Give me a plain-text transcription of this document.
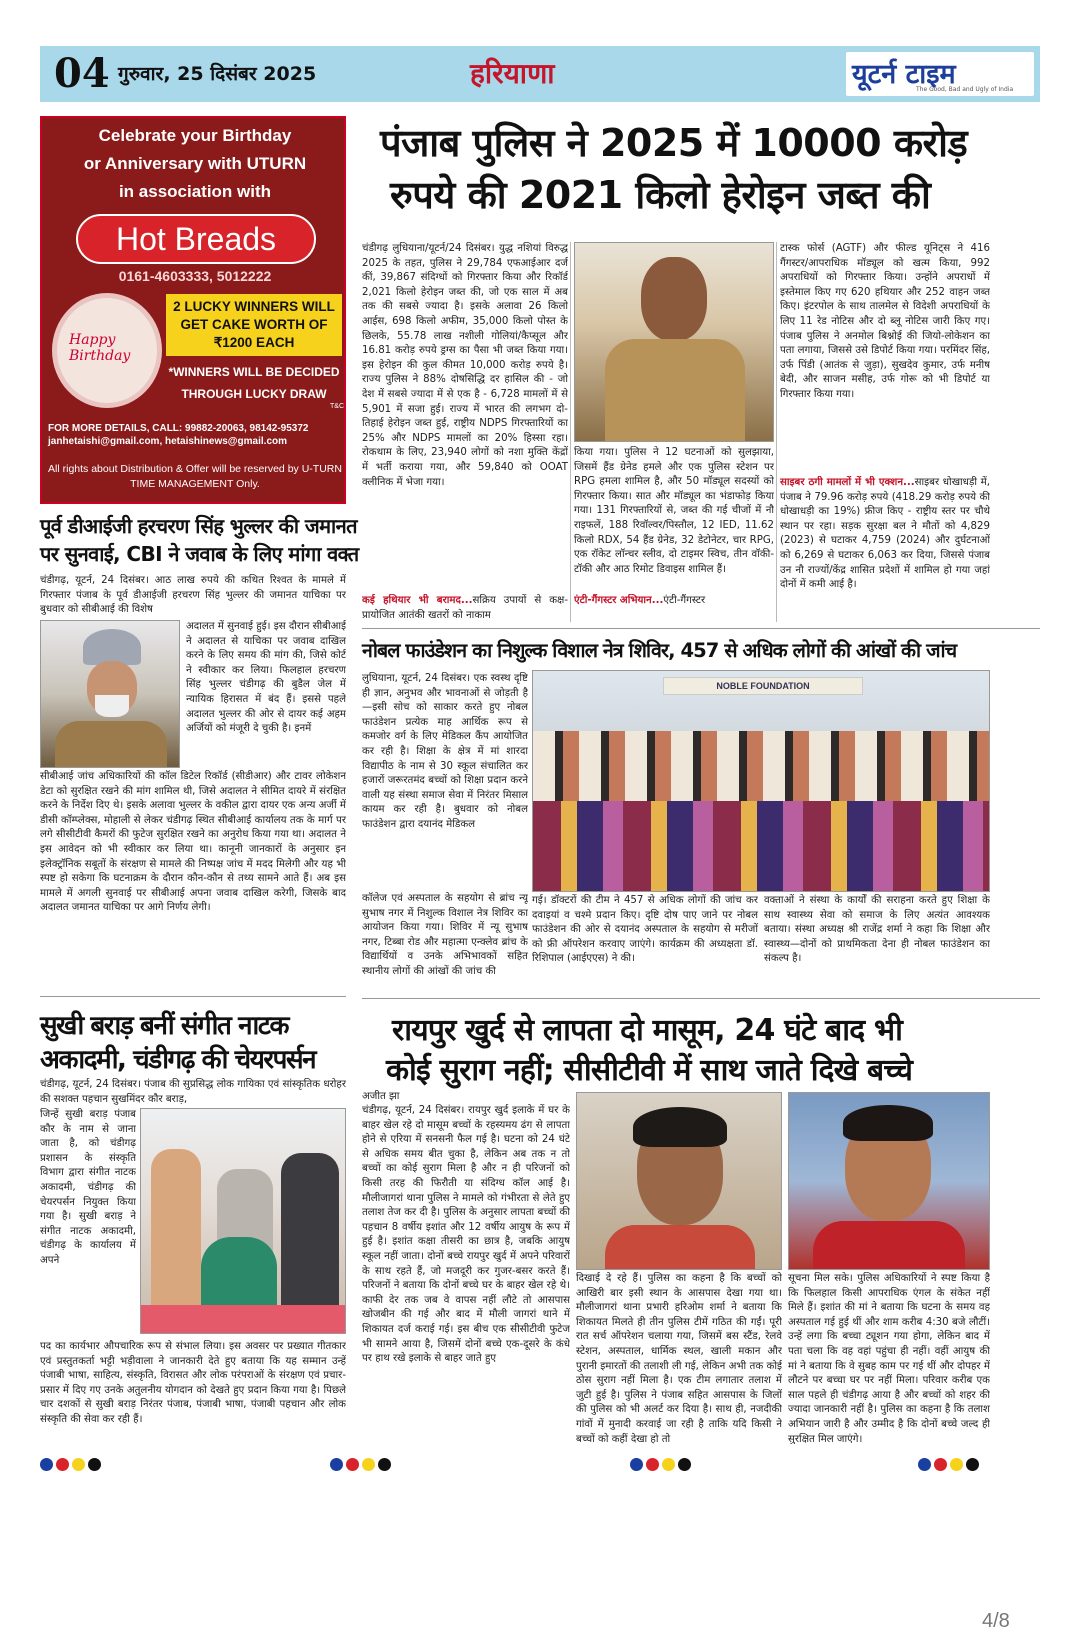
04 गुरुवार, 25 दिसंबर 2025	हरियाणा	यूटर्न टाइम
The Good, Bad and Ugly of India
Celebrate your Birthday
or Anniversary with UTURN
in association with
Hot Breads
0161-4603333, 5012222
Happy Birthday
2 LUCKY WINNERS WILL GET CAKE WORTH OF ₹1200 EACH
*WINNERS WILL BE DECIDED THROUGH LUCKY DRAW
T&C
FOR MORE DETAILS, CALL: 99882-20063, 98142-95372
janhetaishi@gmail.com, hetaishinews@gmail.com
All rights about Distribution & Offer will be reserved by U-TURN TIME MANAGEMENT Only.
पंजाब पुलिस ने 2025 में 10000 करोड़
रुपये की 2021 किलो हेरोइन जब्त की
चंडीगढ़ लुधियाना/यूटर्न/24 दिसंबर। युद्ध नशियां विरुद्ध 2025 के तहत, पुलिस ने 29,784 एफआईआर दर्ज कीं, 39,867 संदिग्धों को गिरफ्तार किया और रिकॉर्ड 2,021 किलो हेरोइन जब्त की, जो एक साल में अब तक की सबसे ज्यादा है। इसके अलावा 26 किलो आईस, 698 किलो अफीम, 35,000 किलो पोस्त के छिलके, 55.78 लाख नशीली गोलियां/कैप्सूल और 16.81 करोड़ रुपये ड्रग्स का पैसा भी जब्त किया गया। इस हेरोइन की कुल कीमत 10,000 करोड़ रुपये है। राज्य पुलिस ने 88% दोषसिद्धि दर हासिल की - जो देश में सबसे ज्यादा में से एक है - 6,728 मामलों में से 5,901 में सजा हुई। राज्य में भारत की लगभग दो-तिहाई हेरोइन जब्त हुई, राष्ट्रीय NDPS गिरफ्तारियों का 25% और NDPS मामलों का 20% हिस्सा रहा। रोकथाम के लिए, 23,940 लोगों को नशा मुक्ति केंद्रों में भर्ती कराया गया, और 59,840 को OOAT क्लीनिक में भेजा गया।
कई हथियार भी बरामद...सक्रिय उपायों से कक्ष-प्रायोजित आतंकी खतरों को नाकाम
किया गया। पुलिस ने 12 घटनाओं को सुलझाया, जिसमें हैंड ग्रेनेड हमले और एक पुलिस स्टेशन पर RPG हमला शामिल है, और 50 मॉड्यूल सदस्यों को गिरफ्तार किया। सात और मॉड्यूल का भंडाफोड़ किया गया। 131 गिरफ्तारियों से, जब्त की गई चीजों में नौ राइफलें, 188 रिवॉल्वर/पिस्तौल, 12 IED, 11.62 किलो RDX, 54 हैंड ग्रेनेड, 32 डेटोनेटर, चार RPG, एक रॉकेट लॉन्चर स्लीव, दो टाइमर स्विच, तीन वॉकी-टॉकी और आठ रिमोट डिवाइस शामिल हैं।
एंटी-गैंगस्टर अभियान...एंटी-गैंगस्टर
टास्क फोर्स (AGTF) और फील्ड यूनिट्स ने 416 गैंगस्टर/आपराधिक मॉड्यूल को खत्म किया, 992 अपराधियों को गिरफ्तार किया। उन्होंने अपराधों में इस्तेमाल किए गए 620 हथियार और 252 वाहन जब्त किए। इंटरपोल के साथ तालमेल से विदेशी अपराधियों के लिए 11 रेड नोटिस और दो ब्लू नोटिस जारी किए गए। पंजाब पुलिस ने अनमोल बिश्नोई की जियो-लोकेशन का पता लगाया, जिससे उसे डिपोर्ट किया गया। परमिंदर सिंह, उर्फ पिंडी (आतंक से जुड़ा), सुखदेव कुमार, उर्फ मनीष बेदी, और साजन मसीह, उर्फ गोरू को भी डिपोर्ट या गिरफ्तार किया गया।
साइबर ठगी मामलों में भी एक्शन...साइबर धोखाधड़ी में, पंजाब ने 79.96 करोड़ रुपये (418.29 करोड़ रुपये की धोखाधड़ी का 19%) फ्रीज किए - राष्ट्रीय स्तर पर चौथे स्थान पर रहा। सड़क सुरक्षा बल ने मौतों को 4,829 (2023) से घटाकर 4,759 (2024) और दुर्घटनाओं को 6,269 से घटाकर 6,063 कर दिया, जिससे पंजाब उन नौ राज्यों/केंद्र शासित प्रदेशों में शामिल हो गया जहां दोनों में कमी आई है।
पूर्व डीआईजी हरचरण सिंह भुल्लर की जमानत
पर सुनवाई, CBI ने जवाब के लिए मांगा वक्त
चंडीगढ़, यूटर्न, 24 दिसंबर। आठ लाख रुपये की कथित रिश्वत के मामले में गिरफ्तार पंजाब के पूर्व डीआईजी हरचरण सिंह भुल्लर की जमानत याचिका पर बुधवार को सीबीआई की विशेष
अदालत में सुनवाई हुई। इस दौरान सीबीआई ने अदालत से याचिका पर जवाब दाखिल करने के लिए समय की मांग की, जिसे कोर्ट ने स्वीकार कर लिया। फिलहाल हरचरण सिंह भुल्लर चंडीगढ़ की बुडैल जेल में न्यायिक हिरासत में बंद हैं। इससे पहले अदालत भुल्लर की ओर से दायर कई अहम अर्जियों को मंजूरी दे चुकी है। इनमें
सीबीआई जांच अधिकारियों की कॉल डिटेल रिकॉर्ड (सीडीआर) और टावर लोकेशन डेटा को सुरक्षित रखने की मांग शामिल थी, जिसे अदालत ने सीमित दायरे में संरक्षित करने के निर्देश दिए थे। इसके अलावा भुल्लर के वकील द्वारा दायर एक अन्य अर्जी में डीसी कॉम्प्लेक्स, मोहाली से लेकर चंडीगढ़ स्थित सीबीआई कार्यालय तक के मार्ग पर लगे सीसीटीवी कैमरों की फुटेज सुरक्षित रखने का अनुरोध किया गया था। अदालत ने इस आवेदन को भी स्वीकार कर लिया था। कानूनी जानकारों के अनुसार इन इलेक्ट्रॉनिक सबूतों के संरक्षण से मामले की निष्पक्ष जांच में मदद मिलेगी और यह भी स्पष्ट हो सकेगा कि घटनाक्रम के दौरान कौन-कौन से तथ्य सामने आते हैं। अब इस मामले में अगली सुनवाई पर सीबीआई अपना जवाब दाखिल करेगी, जिसके बाद अदालत जमानत याचिका पर आगे निर्णय लेगी।
नोबल फाउंडेशन का निशुल्क विशाल नेत्र शिविर, 457 से अधिक लोगों की आंखों की जांच
लुधियाना, यूटर्न, 24 दिसंबर। एक स्वस्थ दृष्टि ही ज्ञान, अनुभव और भावनाओं से जोड़ती है—इसी सोच को साकार करते हुए नोबल फाउंडेशन प्रत्येक माह आर्थिक रूप से कमजोर वर्ग के लिए मेडिकल कैंप आयोजित कर रही है। शिक्षा के क्षेत्र में मां शारदा विद्यापीठ के नाम से 30 स्कूल संचालित कर हजारों जरूरतमंद बच्चों को शिक्षा प्रदान करने वाली यह संस्था समाज सेवा में निरंतर मिसाल कायम कर रही है। बुधवार को नोबल फाउंडेशन द्वारा दयानंद मेडिकल
NOBLE FOUNDATION
कॉलेज एवं अस्पताल के सहयोग से ब्रांच न्यू सुभाष नगर में निशुल्क विशाल नेत्र शिविर का आयोजन किया गया। शिविर में न्यू सुभाष नगर, टिब्बा रोड और महात्मा एन्क्लेव ब्रांच के विद्यार्थियों व उनके अभिभावकों सहित स्थानीय लोगों की आंखों की जांच की
गई। डॉक्टरों की टीम ने 457 से अधिक लोगों की जांच कर दवाइयां व चश्मे प्रदान किए। दृष्टि दोष पाए जाने पर नोबल फाउंडेशन की ओर से दयानंद अस्पताल के सहयोग से मरीजों को फ्री ऑपरेशन करवाए जाएंगे। कार्यक्रम की अध्यक्षता डॉ. रिशिपाल (आईएएस) ने की।
वक्ताओं ने संस्था के कार्यों की सराहना करते हुए शिक्षा के साथ स्वास्थ्य सेवा को समाज के लिए अत्यंत आवश्यक बताया। संस्था अध्यक्ष श्री राजेंद्र शर्मा ने कहा कि शिक्षा और स्वास्थ्य—दोनों को प्राथमिकता देना ही नोबल फाउंडेशन का संकल्प है।
सुखी बराड़ बनीं संगीत नाटक
अकादमी, चंडीगढ़ की चेयरपर्सन
चंडीगढ़, यूटर्न, 24 दिसंबर। पंजाब की सुप्रसिद्ध लोक गायिका एवं सांस्कृतिक धरोहर की सशक्त पहचान सुखमिंदर कौर बराड़,
जिन्हें सुखी बराड़ पंजाब कौर के नाम से जाना जाता है, को चंडीगढ़ प्रशासन के संस्कृति विभाग द्वारा संगीत नाटक अकादमी, चंडीगढ़ की चेयरपर्सन नियुक्त किया गया है। सुखी बराड़ ने संगीत नाटक अकादमी, चंडीगढ़ के कार्यालय में अपने
पद का कार्यभार औपचारिक रूप से संभाल लिया। इस अवसर पर प्रख्यात गीतकार एवं प्रस्तुतकर्ता भट्टी भड़ीवाला ने जानकारी देते हुए बताया कि यह सम्मान उन्हें पंजाबी भाषा, साहित्य, संस्कृति, विरासत और लोक परंपराओं के संरक्षण एवं प्रचार-प्रसार में दिए गए उनके अतुलनीय योगदान को देखते हुए प्रदान किया गया है। पिछले चार दशकों से सुखी बराड़ निरंतर पंजाब, पंजाबी भाषा, पंजाबी पहचान और लोक संस्कृति की सेवा कर रही हैं।
रायपुर खुर्द से लापता दो मासूम, 24 घंटे बाद भी
कोई सुराग नहीं; सीसीटीवी में साथ जाते दिखे बच्चे
अजीत झा
चंडीगढ़, यूटर्न, 24 दिसंबर। रायपुर खुर्द इलाके में घर के बाहर खेल रहे दो मासूम बच्चों के रहस्यमय ढंग से लापता होने से एरिया में सनसनी फैल गई है। घटना को 24 घंटे से अधिक समय बीत चुका है, लेकिन अब तक न तो बच्चों का कोई सुराग मिला है और न ही परिजनों को किसी तरह की फिरौती या संदिग्ध कॉल आई है। मौलीजागरां थाना पुलिस ने मामले को गंभीरता से लेते हुए तलाश तेज कर दी है। पुलिस के अनुसार लापता बच्चों की पहचान 8 वर्षीय इशांत और 12 वर्षीय आयुष के रूप में हुई है। इशांत कक्षा तीसरी का छात्र है, जबकि आयुष स्कूल नहीं जाता। दोनों बच्चे रायपुर खुर्द में अपने परिवारों के साथ रहते हैं, जो मजदूरी कर गुजर-बसर करते हैं। परिजनों ने बताया कि दोनों बच्चे घर के बाहर खेल रहे थे। काफी देर तक जब वे वापस नहीं लौटे तो आसपास खोजबीन की गई और बाद में मौली जागरां थाने में शिकायत दर्ज कराई गई। इस बीच एक सीसीटीवी फुटेज भी सामने आया है, जिसमें दोनों बच्चे एक-दूसरे के कंधे पर हाथ रखे इलाके से बाहर जाते हुए
दिखाई दे रहे हैं। पुलिस का कहना है कि बच्चों को आखिरी बार इसी स्थान के आसपास देखा गया था। मौलीजागरां थाना प्रभारी हरिओम शर्मा ने बताया कि शिकायत मिलते ही तीन पुलिस टीमें गठित की गईं। पूरी रात सर्च ऑपरेशन चलाया गया, जिसमें बस स्टैंड, रेलवे स्टेशन, अस्पताल, धार्मिक स्थल, खाली मकान और पुरानी इमारतों की तलाशी ली गई, लेकिन अभी तक कोई ठोस सुराग नहीं मिला है। एक टीम लगातार तलाश में जुटी हुई है। पुलिस ने पंजाब सहित आसपास के जिलों की पुलिस को भी अलर्ट कर दिया है। साथ ही, नजदीकी गांवों में मुनादी करवाई जा रही है ताकि यदि किसी ने बच्चों को कहीं देखा हो तो
सूचना मिल सके। पुलिस अधिकारियों ने स्पष्ट किया है कि फिलहाल किसी आपराधिक एंगल के संकेत नहीं मिले हैं। इशांत की मां ने बताया कि घटना के समय वह अस्पताल गई हुई थीं और शाम करीब 4:30 बजे लौटीं। उन्हें लगा कि बच्चा ट्यूशन गया होगा, लेकिन बाद में पता चला कि वह वहां पहुंचा ही नहीं। वहीं आयुष की मां ने बताया कि वे सुबह काम पर गई थीं और दोपहर में लौटने पर बच्चा घर पर नहीं मिला। परिवार करीब एक साल पहले ही चंडीगढ़ आया है और बच्चों को शहर की ज्यादा जानकारी नहीं है। पुलिस का कहना है कि तलाश अभियान जारी है और उम्मीद है कि दोनों बच्चे जल्द ही सुरक्षित मिल जाएंगे।
4/8
